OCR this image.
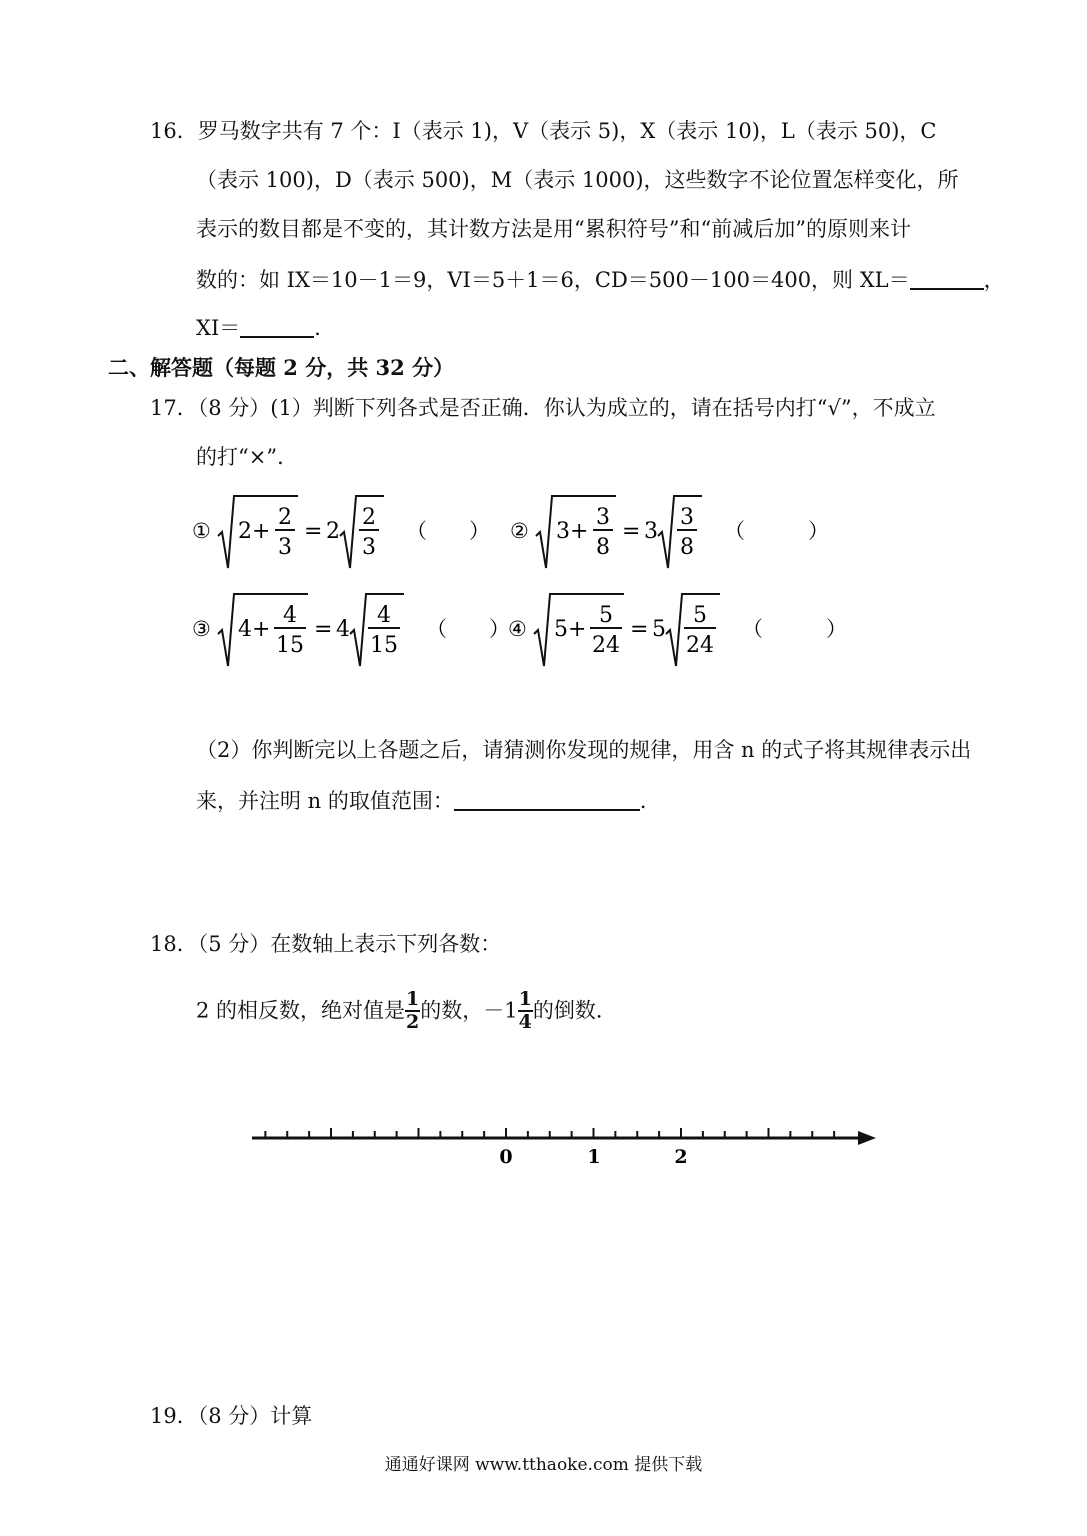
16．罗马数字共有 7 个：I（表示 1)，V（表示 5)，X（表示 10)，L（表示 50)，C
（表示 100)，D（表示 500)，M（表示 1000)，这些数字不论位置怎样变化，所
表示的数目都是不变的，其计数方法是用“累积符号”和“前减后加”的原则来计
数的：如 IX＝10－1＝9，VI＝5＋1＝6，CD＝500－100＝400，则 XL＝	，
XI＝	．
二、解答题（每题 2 分，共 32 分）
17．（8 分）(1）判断下列各式是否正确．你认为成立的，请在括号内打“√”，不成立
的打“×”．
① 2 +
2
3
= 2
2
3
（　　） ② 3 +
3
8
= 3
3
8
（　　　）
③ 4 +
4
15
= 4
4
15
（　　）
④ 5 +
5
24
= 5
5
24
（　　　）
（2）你判断完以上各题之后，请猜测你发现的规律，用含 n 的式子将其规律表示出
来，并注明 n 的取值范围：	．
18．（5 分）在数轴上表示下列各数：
2 的相反数，绝对值是 $\frac{1}{2}$ 的数，$-1 \frac{1}{4}$ 的倒数．
0	1	2
19．（8 分）计算
通通好课网 www.tthaoke.com 提供下载
